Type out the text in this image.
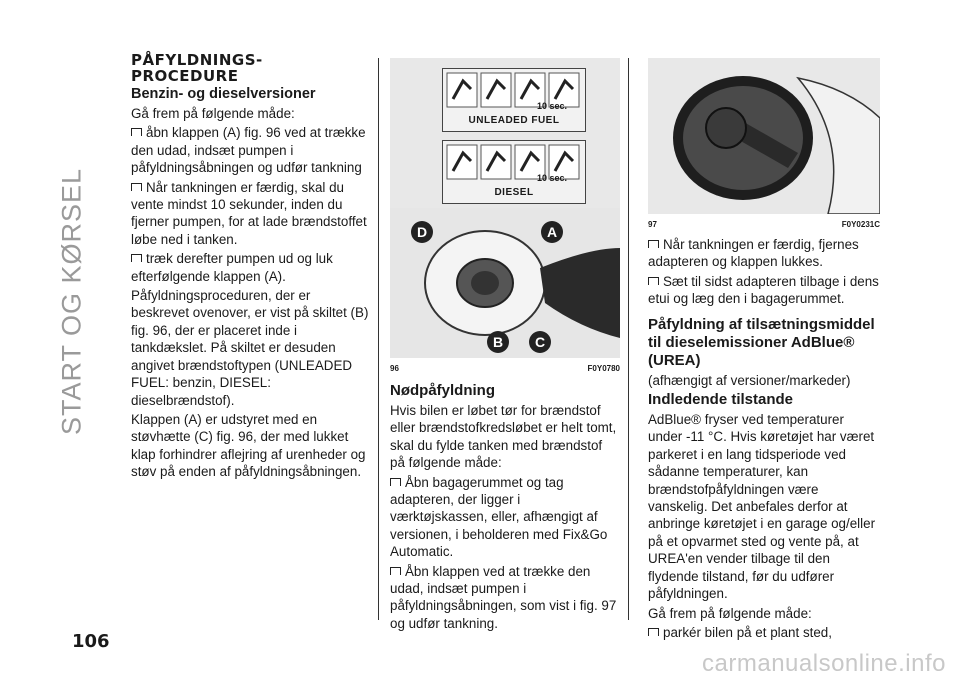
START OG KØRSEL
PÅFYLDNINGS-
PROCEDURE
Benzin- og dieselversioner

Gå frem på følgende måde:

åbn klappen (A) fig. 96 ved at trække den udad, indsæt pumpen i påfyldningsåbningen og udfør tankning

Når tankningen er færdig, skal du vente mindst 10 sekunder, inden du fjerner pumpen, for at lade brændstoffet løbe ned i tanken.

træk derefter pumpen ud og luk efterfølgende klappen (A).

Påfyldningsproceduren, der er beskrevet ovenover, er vist på skiltet (B) fig. 96, der er placeret inde i tankdækslet. På skiltet er desuden angivet brændstoftypen (UNLEADED FUEL: benzin, DIESEL: dieselbrændstof).

Klappen (A) er udstyret med en støvhætte (C) fig. 96, der med lukket klap forhindrer aflejring af urenheder og støv på enden af påfyldningsåbningen.

10 sec.
UNLEADED FUEL
10 sec.
DIESEL
D	A
B C
96	F0Y0780
Nødpåfyldning

Hvis bilen er løbet tør for brændstof eller brændstofkredsløbet er helt tomt, skal du fylde tanken med brændstof på følgende måde:

Åbn bagagerummet og tag adapteren, der ligger i værktøjskassen, eller, afhængigt af versionen, i beholderen med Fix&Go Automatic.

Åbn klappen ved at trække den udad, indsæt pumpen i påfyldningsåbningen, som vist i fig. 97 og udfør tankning.

97	F0Y0231C

Når tankningen er færdig, fjernes adapteren og klappen lukkes.

Sæt til sidst adapteren tilbage i dens etui og læg den i bagagerummet.

Påfyldning af tilsætningsmiddel til dieselemissioner AdBlue® (UREA)

(afhængigt af versioner/markeder)

Indledende tilstande

AdBlue® fryser ved temperaturer under -11 °C. Hvis køretøjet har været parkeret i en lang tidsperiode ved sådanne temperaturer, kan brændstofpåfyldningen være vanskelig. Det anbefales derfor at anbringe køretøjet i en garage og/eller på et opvarmet sted og vente på, at UREA'en vender tilbage til den flydende tilstand, før du udfører påfyldningen.

Gå frem på følgende måde:

parkér bilen på et plant sted,

106
carmanualsonline.info
